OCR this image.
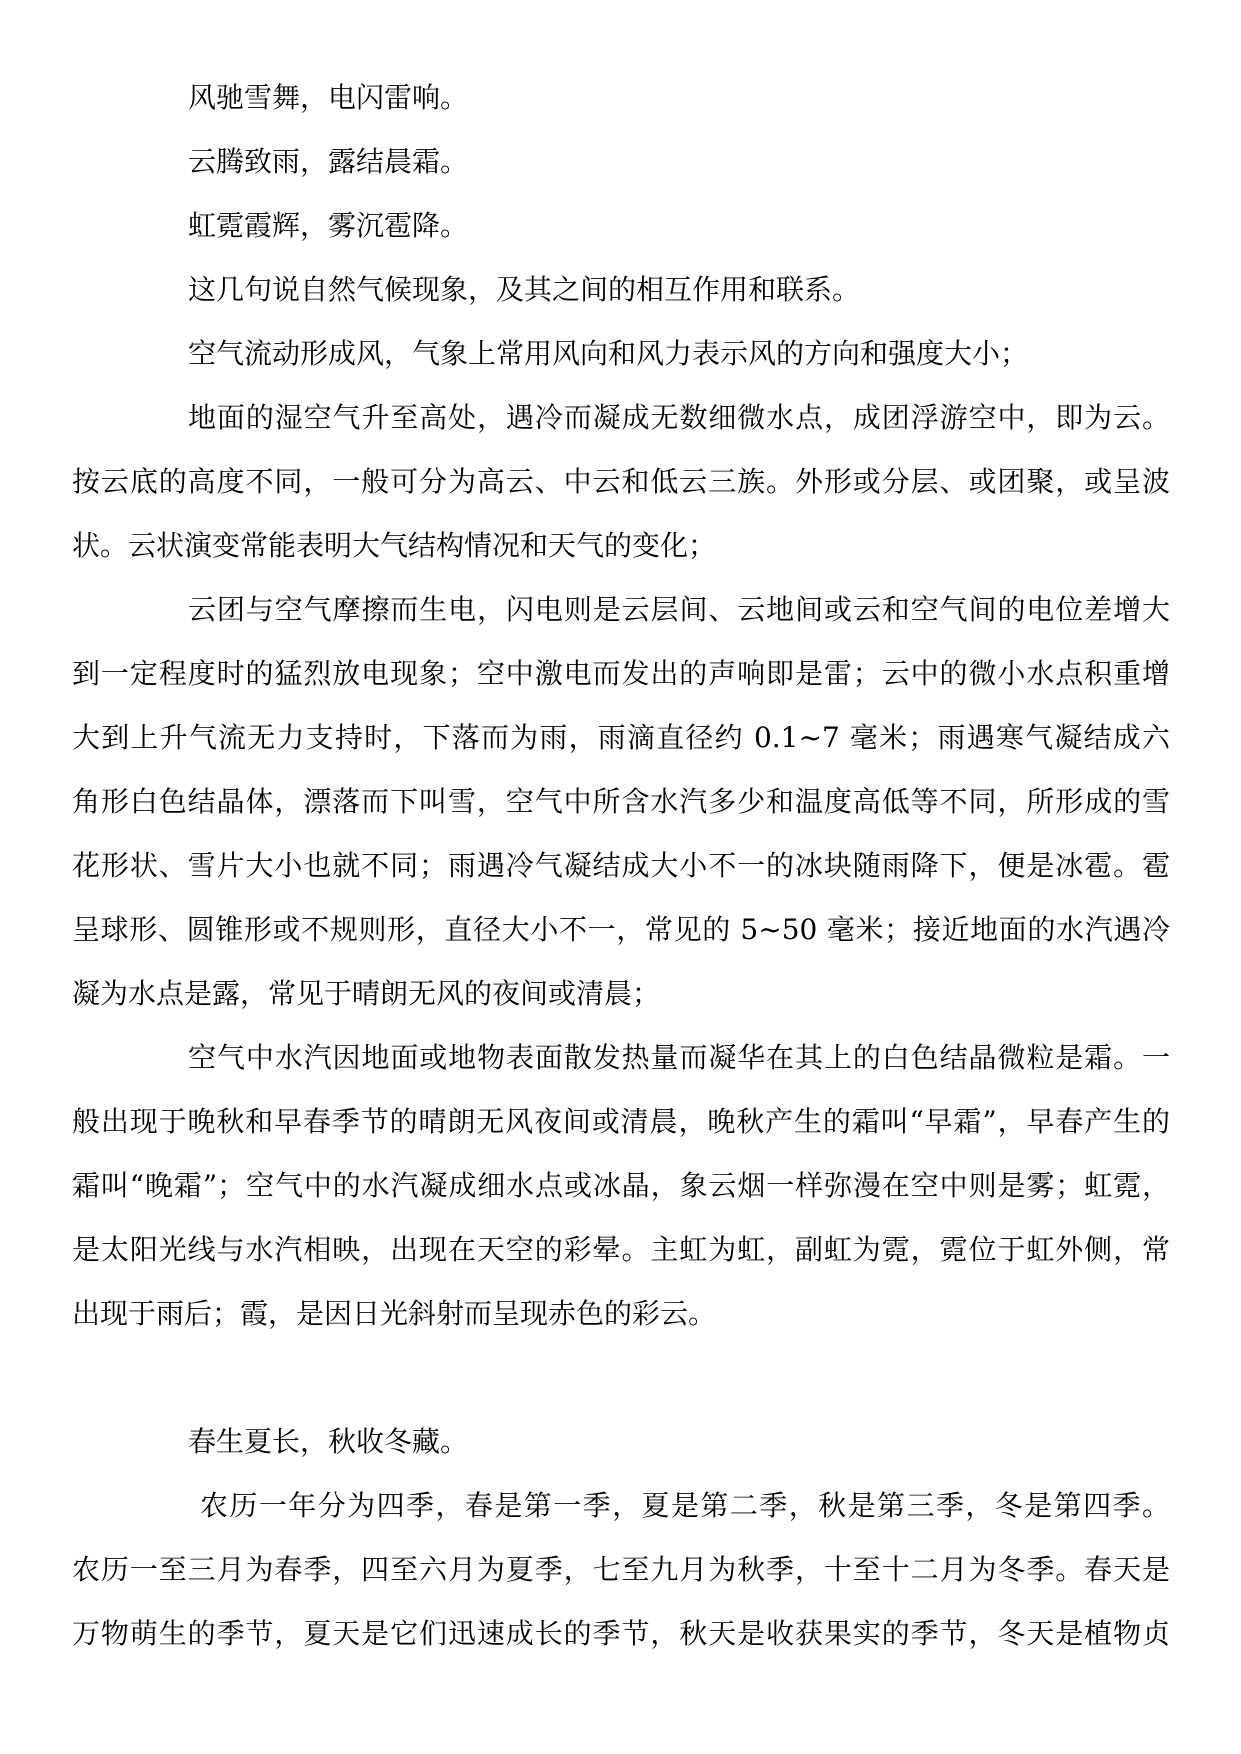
风驰雪舞，电闪雷响。
云腾致雨，露结晨霜。
虹霓霞辉，雾沉雹降。
这几句说自然气候现象，及其之间的相互作用和联系。
空气流动形成风，气象上常用风向和风力表示风的方向和强度大小；
地面的湿空气升至高处，遇冷而凝成无数细微水点，成团浮游空中，即为云。
按云底的高度不同，一般可分为高云、中云和低云三族。外形或分层、或团聚，或呈波
状。云状演变常能表明大气结构情况和天气的变化；
云团与空气摩擦而生电，闪电则是云层间、云地间或云和空气间的电位差增大
到一定程度时的猛烈放电现象；空中激电而发出的声响即是雷；云中的微小水点积重增
大到上升气流无力支持时，下落而为雨，雨滴直径约 0.1~7 毫米；雨遇寒气凝结成六
角形白色结晶体，漂落而下叫雪，空气中所含水汽多少和温度高低等不同，所形成的雪
花形状、雪片大小也就不同；雨遇冷气凝结成大小不一的冰块随雨降下，便是冰雹。雹
呈球形、圆锥形或不规则形，直径大小不一，常见的 5~50 毫米；接近地面的水汽遇冷
凝为水点是露，常见于晴朗无风的夜间或清晨；
空气中水汽因地面或地物表面散发热量而凝华在其上的白色结晶微粒是霜。一
般出现于晚秋和早春季节的晴朗无风夜间或清晨，晚秋产生的霜叫“早霜”，早春产生的
霜叫“晚霜”；空气中的水汽凝成细水点或冰晶，象云烟一样弥漫在空中则是雾；虹霓，
是太阳光线与水汽相映，出现在天空的彩晕。主虹为虹，副虹为霓，霓位于虹外侧，常
出现于雨后；霞，是因日光斜射而呈现赤色的彩云。
春生夏长，秋收冬藏。
农历一年分为四季，春是第一季，夏是第二季，秋是第三季，冬是第四季。
农历一至三月为春季，四至六月为夏季，七至九月为秋季，十至十二月为冬季。春天是
万物萌生的季节，夏天是它们迅速成长的季节，秋天是收获果实的季节，冬天是植物贞
